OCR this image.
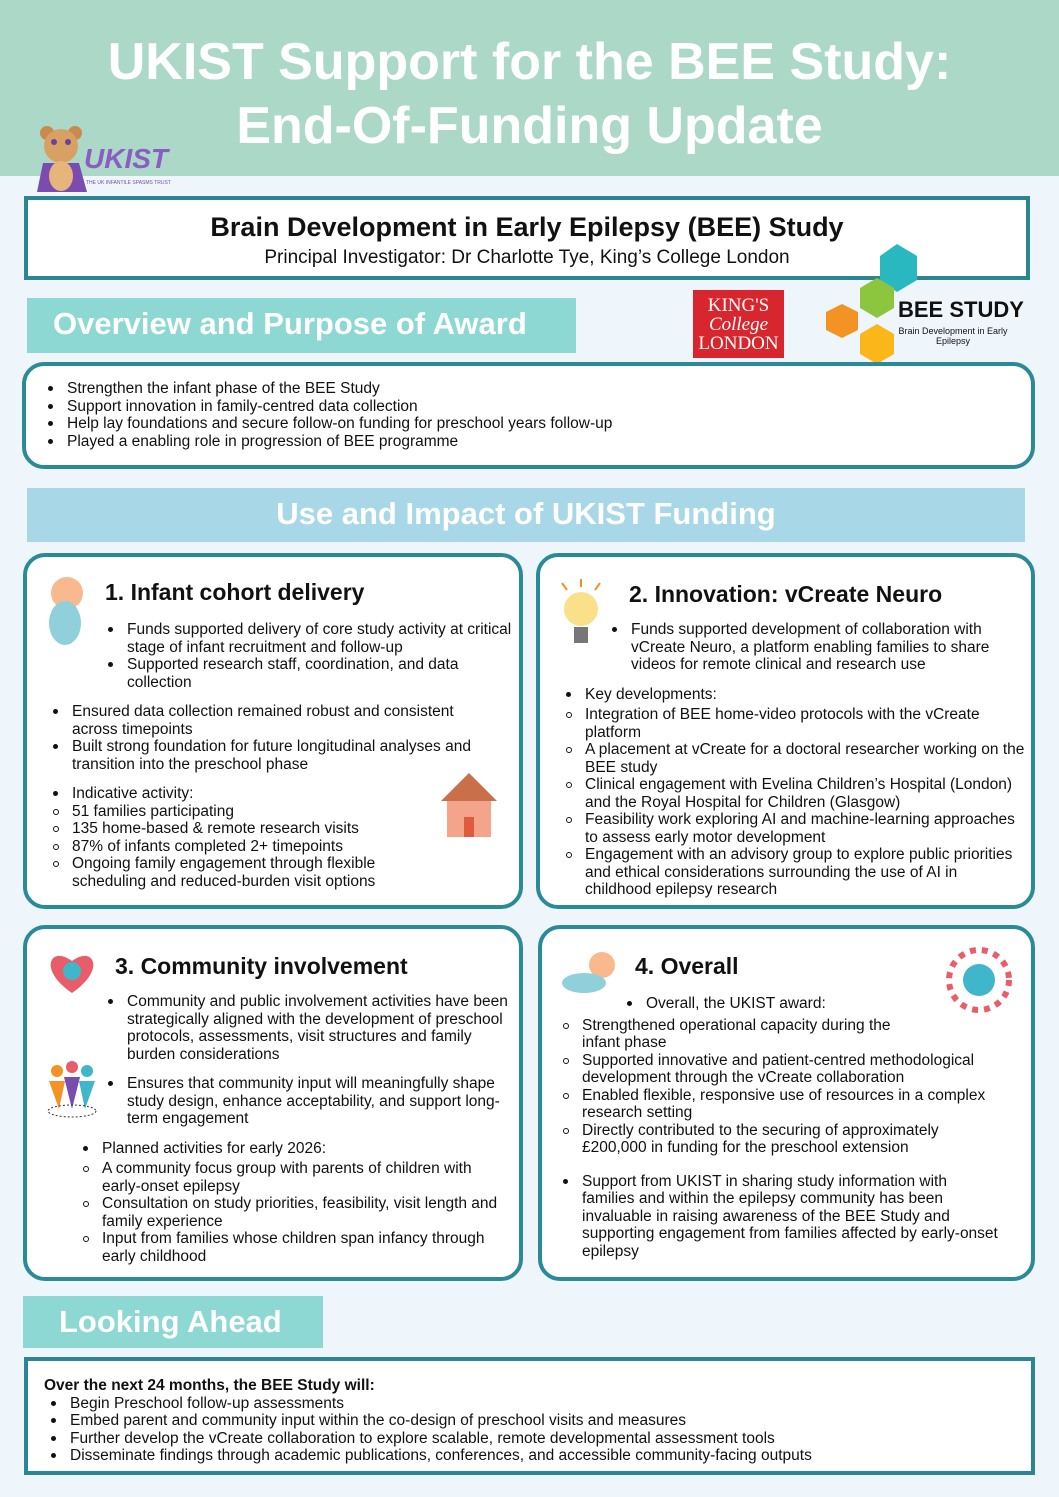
UKIST Support for the BEE Study:
End-Of-Funding Update
UKIST
THE UK INFANTILE SPASMS TRUST
Brain Development in Early Epilepsy (BEE) Study

Principal Investigator: Dr Charlotte Tye, King’s College London

Overview and Purpose of Award
KING'S
College
LONDON
BEE STUDY
Brain Development in Early Epilepsy
Strengthen the infant phase of the BEE Study
Support innovation in family-centred data collection
Help lay foundations and secure follow-on funding for preschool years follow-up
Played a enabling role in progression of BEE programme
Use and Impact of UKIST Funding
1. Infant cohort delivery
Funds supported delivery of core study activity at critical stage of infant recruitment and follow-up
Supported research staff, coordination, and data collection
Ensured data collection remained robust and consistent across timepoints
Built strong foundation for future longitudinal analyses and transition into the preschool phase
Indicative activity:
51 families participating
135 home-based & remote research visits
87% of infants completed 2+ timepoints
Ongoing family engagement through flexible scheduling and reduced-burden visit options
2. Innovation: vCreate Neuro
Funds supported development of collaboration with vCreate Neuro, a platform enabling families to share videos for remote clinical and research use
Key developments:
Integration of BEE home-video protocols with the vCreate platform
A placement at vCreate for a doctoral researcher working on the BEE study
Clinical engagement with Evelina Children’s Hospital (London) and the Royal Hospital for Children (Glasgow)
Feasibility work exploring AI and machine-learning approaches to assess early motor development
Engagement with an advisory group to explore public priorities and ethical considerations surrounding the use of AI in childhood epilepsy research
3. Community involvement
Community and public involvement activities have been strategically aligned with the development of preschool protocols, assessments, visit structures and family burden considerations
Ensures that community input will meaningfully shape study design, enhance acceptability, and support long-term engagement
Planned activities for early 2026:
A community focus group with parents of children with early-onset epilepsy
Consultation on study priorities, feasibility, visit length and family experience
Input from families whose children span infancy through early childhood
4. Overall
Overall, the UKIST award:
Strengthened operational capacity during the infant phase
Supported innovative and patient-centred methodological development through the vCreate collaboration
Enabled flexible, responsive use of resources in a complex research setting
Directly contributed to the securing of approximately £200,000 in funding for the preschool extension
Support from UKIST in sharing study information with families and within the epilepsy community has been invaluable in raising awareness of the BEE Study and supporting engagement from families affected by early-onset epilepsy
Looking Ahead
Over the next 24 months, the BEE Study will:
Begin Preschool follow-up assessments
Embed parent and community input within the co-design of preschool visits and measures
Further develop the vCreate collaboration to explore scalable, remote developmental assessment tools
Disseminate findings through academic publications, conferences, and accessible community-facing outputs
